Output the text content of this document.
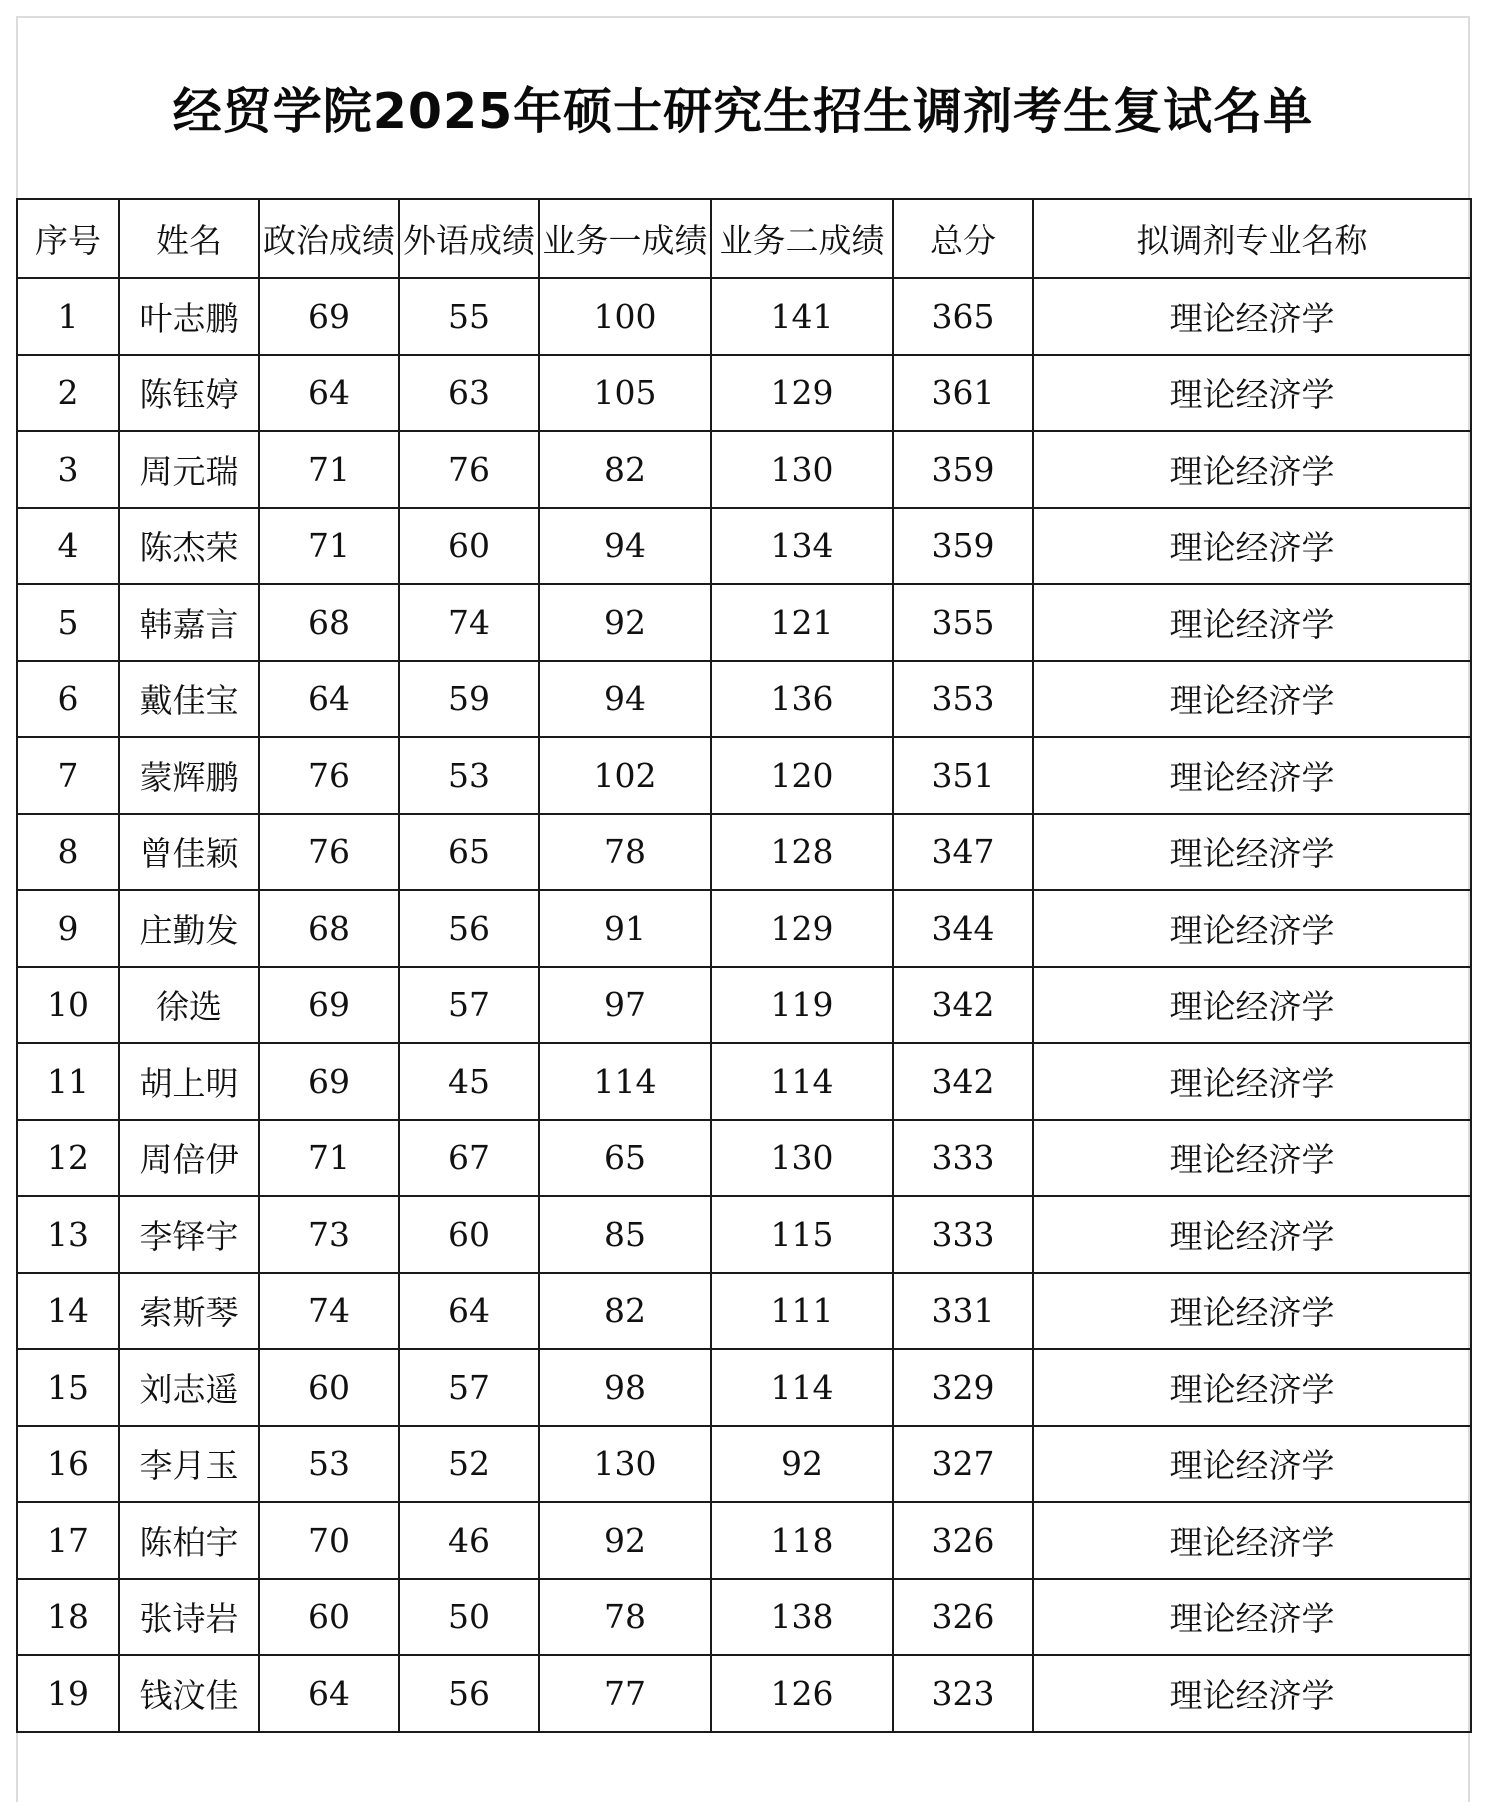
经贸学院2025年硕士研究生招生调剂考生复试名单
序号	姓名	政治成绩	外语成绩	业务一成绩	业务二成绩	总分	拟调剂专业名称
1	叶志鹏	69	55	100	141	365	理论经济学
2	陈钰婷	64	63	105	129	361	理论经济学
3	周元瑞	71	76	82	130	359	理论经济学
4	陈杰荣	71	60	94	134	359	理论经济学
5	韩嘉言	68	74	92	121	355	理论经济学
6	戴佳宝	64	59	94	136	353	理论经济学
7	蒙辉鹏	76	53	102	120	351	理论经济学
8	曾佳颖	76	65	78	128	347	理论经济学
9	庄勤发	68	56	91	129	344	理论经济学
10	徐选	69	57	97	119	342	理论经济学
11	胡上明	69	45	114	114	342	理论经济学
12	周倍伊	71	67	65	130	333	理论经济学
13	李铎宇	73	60	85	115	333	理论经济学
14	索斯琴	74	64	82	111	331	理论经济学
15	刘志遥	60	57	98	114	329	理论经济学
16	李月玉	53	52	130	92	327	理论经济学
17	陈柏宇	70	46	92	118	326	理论经济学
18	张诗岩	60	50	78	138	326	理论经济学
19	钱汶佳	64	56	77	126	323	理论经济学
